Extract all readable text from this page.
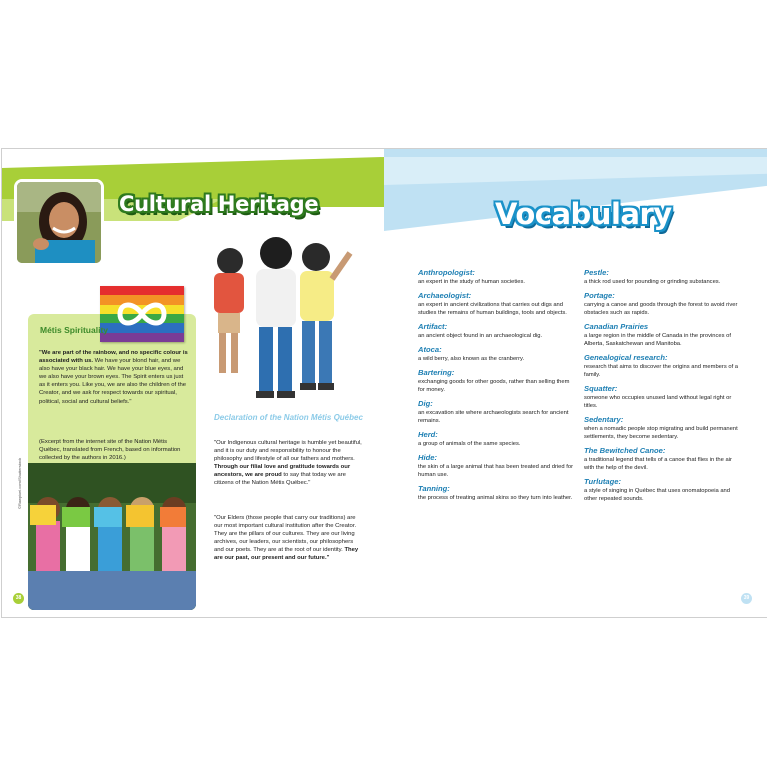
Cultural Heritage
Métis Spirituality
"We are part of the rainbow, and no specific colour is associated with us. We have your blond hair, and we also have your black hair. We have your blue eyes, and we also have your brown eyes. The Spirit enters us just as it enters you. Like you, we are also the children of the Creator, and we ask for respect towards our spiritual, political, social and cultural beliefs."
(Excerpt from the internet site of the Nation Métis Québec, translated from French, based on information collected by the authors in 2016.)
©Rawpixel.com/Shutterstock
Declaration of the Nation Métis Québec
"Our Indigenous cultural heritage is humble yet beautiful, and it is our duty and responsibility to honour the philosophy and lifestyle of all our fathers and mothers. Through our filial love and gratitude towards our ancestors, we are proud to say that today we are citizens of the Nation Métis Québec."
"Our Elders (those people that carry our traditions) are our most important cultural institution after the Creator. They are the pillars of our cultures. They are our living archives, our leaders, our scientists, our philosophers and our poets. They are at the root of our identity. They are our past, our present and our future."
38
Vocabulary
Anthropologist:
an expert in the study of human societies.
Archaeologist:
an expert in ancient civilizations that carries out digs and studies the remains of human buildings, tools and objects.
Artifact:
an ancient object found in an archaeological dig.
Atoca:
a wild berry, also known as the cranberry.
Bartering:
exchanging goods for other goods, rather than selling them for money.
Dig:
an excavation site where archaeologists search for ancient remains.
Herd:
a group of animals of the same species.
Hide:
the skin of a large animal that has been treated and dried for human use.
Tanning:
the process of treating animal skins so they turn into leather.
Pestle:
a thick rod used for pounding or grinding substances.
Portage:
carrying a canoe and goods through the forest to avoid river obstacles such as rapids.
Canadian Prairies
a large region in the middle of Canada in the provinces of Alberta, Saskatchewan and Manitoba.
Genealogical research:
research that aims to discover the origins and members of a family.
Squatter:
someone who occupies unused land without legal right or titles.
Sedentary:
when a nomadic people stop migrating and build permanent settlements, they become sedentary.
The Bewitched Canoe:
a traditional legend that tells of a canoe that flies in the air with the help of the devil.
Turlutage:
a style of singing in Québec that uses onomatopoeia and other repeated sounds.
39
